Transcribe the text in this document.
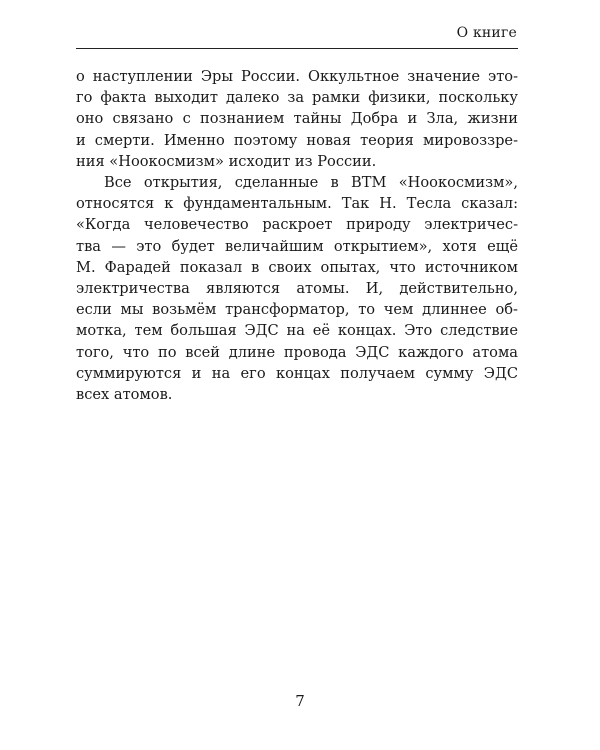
О книге
о наступлении Эры России. Оккультное значение это-
го факта выходит далеко за рамки физики, поскольку
оно связано с познанием тайны Добра и Зла, жизни
и смерти. Именно поэтому новая теория мировоззре-
ния «Ноокосмизм» исходит из России.
Все открытия, сделанные в ВТМ «Ноокосмизм»,
относятся к фундаментальным. Так Н. Тесла сказал:
«Когда человечество раскроет природу электричес-
тва — это будет величайшим открытием», хотя ещё
М. Фарадей показал в своих опытах, что источником
электричества являются атомы. И, действительно,
если мы возьмём трансформатор, то чем длиннее об-
мотка, тем большая ЭДС на её концах. Это следствие
того, что по всей длине провода ЭДС каждого атома
суммируются и на его концах получаем сумму ЭДС
всех атомов.
7
